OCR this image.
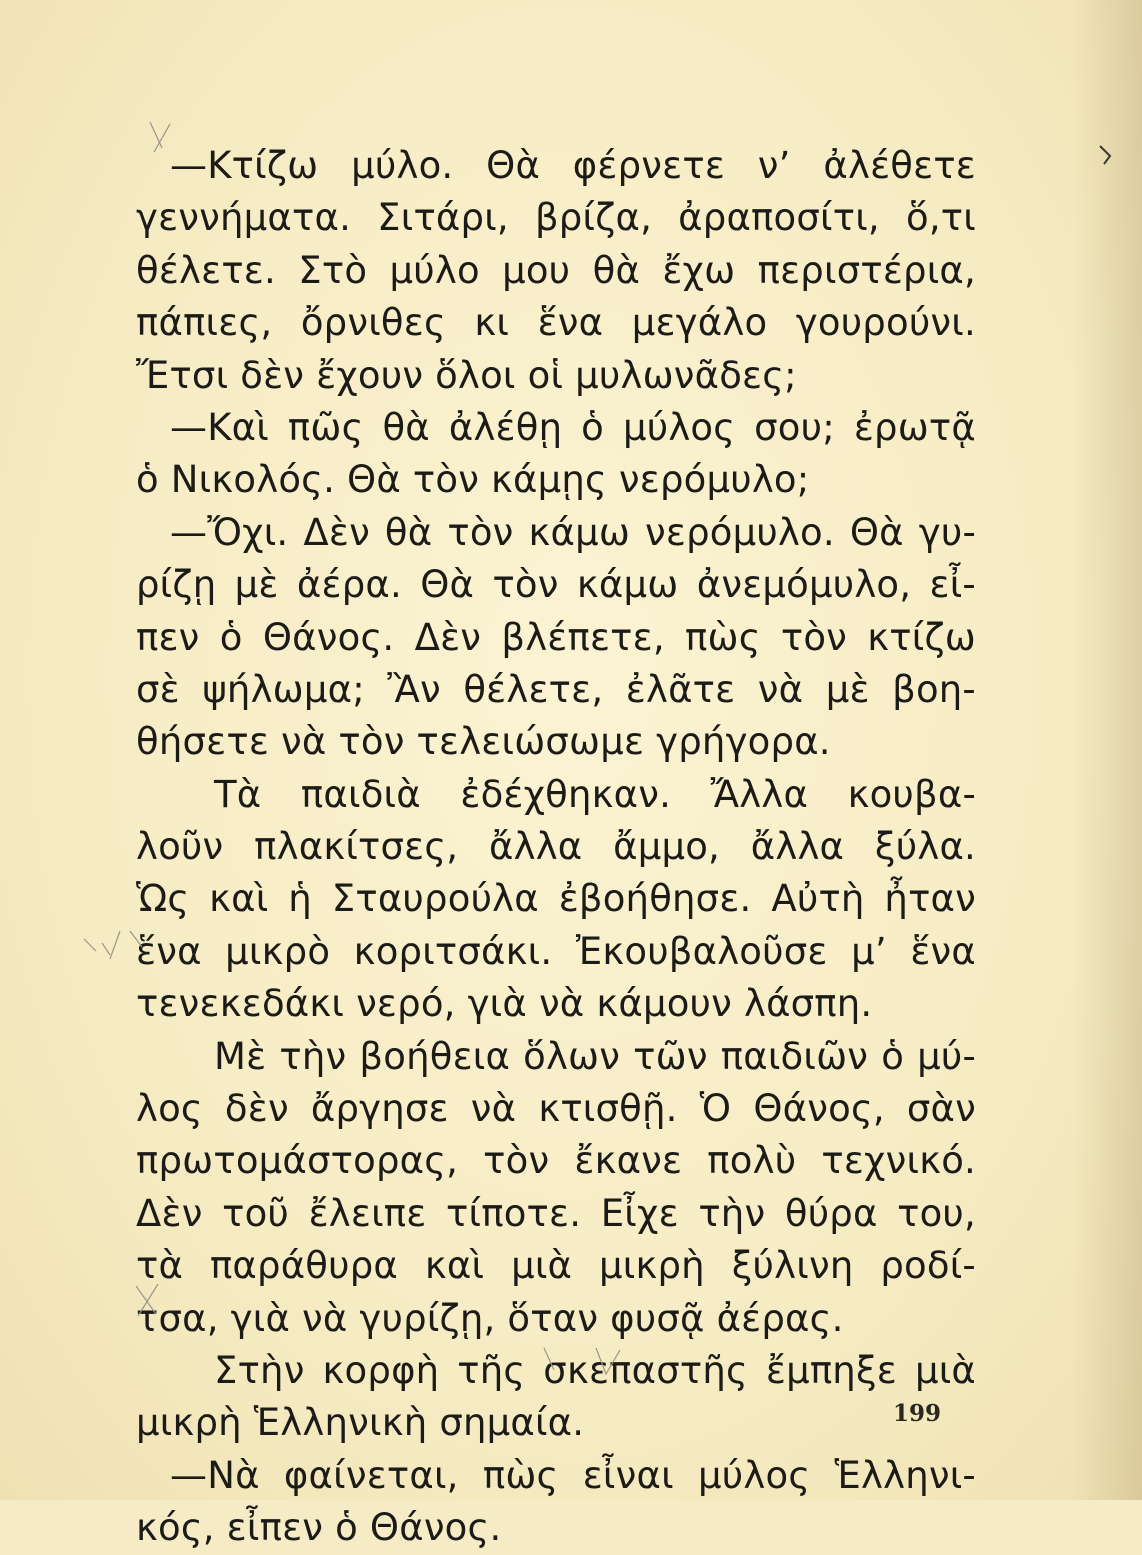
—Κτίζω μύλο. Θὰ φέρνετε ν’ ἀλέθετε
γεννήματα. Σιτάρι, βρίζα, ἀραποσίτι, ὅ,τι
θέλετε. Στὸ μύλο μου θὰ ἔχω περιστέρια,
πάπιες, ὄρνιθες κι ἕνα μεγάλο γουρούνι.
Ἔτσι δὲν ἔχουν ὅλοι οἱ μυλωνᾶδες;
—Καὶ πῶς θὰ ἀλέθῃ ὁ μύλος σου; ἐρωτᾷ
ὁ Νικολός. Θὰ τὸν κάμῃς νερόμυλο;
—Ὄχι. Δὲν θὰ τὸν κάμω νερόμυλο. Θὰ γυ-
ρίζῃ μὲ ἀέρα. Θὰ τὸν κάμω ἀνεμόμυλο, εἶ-
πεν ὁ Θάνος. Δὲν βλέπετε, πὼς τὸν κτίζω
σὲ ψήλωμα; Ἂν θέλετε, ἐλᾶτε νὰ μὲ βοη-
θήσετε νὰ τὸν τελειώσωμε γρήγορα.
Τὰ παιδιὰ ἐδέχθηκαν. Ἄλλα κουβα-
λοῦν πλακίτσες, ἄλλα ἄμμο, ἄλλα ξύλα.
Ὡς καὶ ἡ Σταυρούλα ἐβοήθησε. Αὐτὴ ἦταν
ἕνα μικρὸ κοριτσάκι. Ἐκουβαλοῦσε μ’ ἕνα
τενεκεδάκι νερό, γιὰ νὰ κάμουν λάσπη.
Μὲ τὴν βοήθεια ὅλων τῶν παιδιῶν ὁ μύ-
λος δὲν ἄργησε νὰ κτισθῇ. Ὁ Θάνος, σὰν
πρωτομάστορας, τὸν ἔκανε πολὺ τεχνικό.
Δὲν τοῦ ἔλειπε τίποτε. Εἶχε τὴν θύρα του,
τὰ παράθυρα καὶ μιὰ μικρὴ ξύλινη ροδί-
τσα, γιὰ νὰ γυρίζῃ, ὅταν φυσᾷ ἀέρας.
Στὴν κορφὴ τῆς σκεπαστῆς ἔμπηξε μιὰ
μικρὴ Ἑλληνικὴ σημαία.
—Νὰ φαίνεται, πὼς εἶναι μύλος Ἑλληνι-
κός, εἶπεν ὁ Θάνος.
199
